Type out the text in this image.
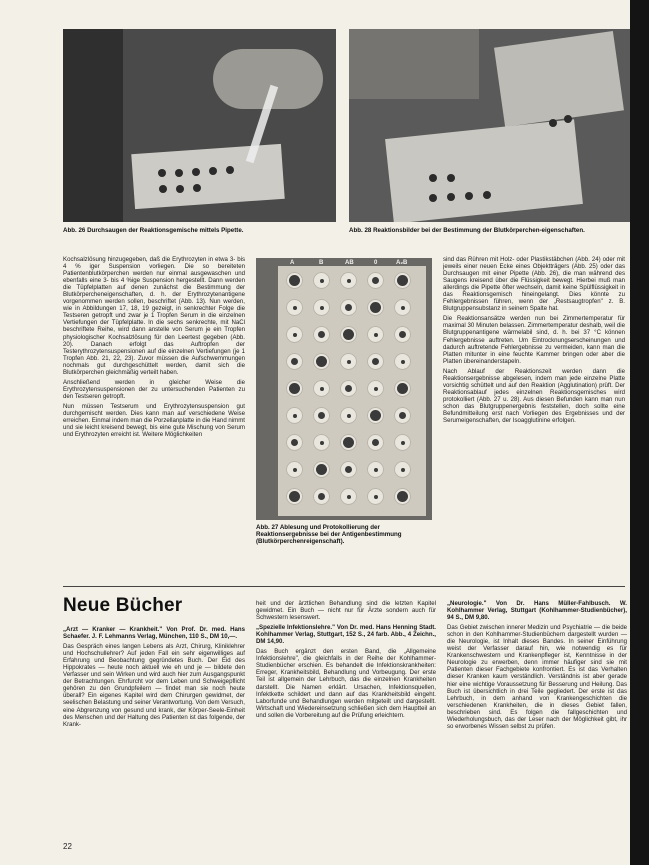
Abb. 26 Durchsaugen der Reaktionsgemische mittels Pipette.	Abb. 28 Reaktionsbilder bei der Bestimmung der Blutkörperchen-eigenschaften.

Kochsalzlösung hinzugegeben, daß die Erythrozyten in etwa 3- bis 4 % iger Suspension vorliegen. Die so bereiteten Patientenblutkörperchen werden nur einmal ausgewaschen und ebenfalls eine 3- bis 4 %ige Suspension hergestellt. Dann werden die Tüpfelplatten auf denen zunächst die Bestimmung der Blutkörpercheneigenschaften, d. h. der Erythrozytenantigene vorgenommen werden sollen, beschriftet (Abb. 13). Nun werden, wie in Abbildungen 17, 18, 19 gezeigt, in senkrechter Folge die Testseren getropft und zwar je 1 Tropfen Serum in die einzelnen Vertiefungen der Tüpfelplatte. In die sechs senkrechte, mit NaCl beschriftete Reihe, wird dann anstelle von Serum je ein Tropfen physiologischer Kochsalzlösung für den Leertest gegeben (Abb. 20). Danach erfolgt das Auftropfen der Testerythrozytensuspensionen auf die einzelnen Vertiefungen (je 1 Tropfen Abb. 21, 22, 23). Zuvor müssen die Aufschwemmungen nochmals gut durchgeschüttelt werden, damit sich die Blutkörperchen gleichmäßig verteilt haben.

Anschließend werden in gleicher Weise die Erythrozytensuspensionen der zu untersuchenden Patienten zu den Testseren getropft.

Nun müssen Testserum und Erythrozytensuspension gut durchgemischt werden. Dies kann man auf verschiedene Weise erreichen. Einmal indem man die Porzellanplatte in die Hand nimmt und sie leicht kreisend bewegt, bis eine gute Mischung von Serum und Erythrozyten erreicht ist. Weitere Möglichkeiten

A	B	AB	0	A₂B
Abb. 27 Ablesung und Protokollierung der Reaktionsergebnisse bei der Antigenbestimmung (Blutkörperchenreigenschaft).

sind das Rühren mit Holz- oder Plastikstäbchen (Abb. 24) oder mit jeweils einer neuen Ecke eines Objektträgers (Abb. 25) oder das Durchsaugen mit einer Pipette (Abb. 26), die man während des Saugens kreisend über die Flüssigkeit bewegt. Hierbei muß man allerdings die Pipette öfter wechseln, damit keine Spülflüssigkeit in das Reaktionsgemisch hineingelangt. Dies könnte zu Fehlergebnissen führen, wenn der „Restsaugtropfen" z. B. Blutgruppensubstanz in seinem Spalte hat.

Die Reaktionsansätze werden nun bei Zimmertemperatur für maximal 30 Minuten belassen. Zimmertemperatur deshalb, weil die Blutgruppenantigene wärmelabil sind, d. h. bei 37 °C können Fehlergebnisse auftreten. Um Eintrocknungserscheinungen und dadurch auftretende Fehlergebnisse zu vermeiden, kann man die Platten mitunter in eine feuchte Kammer bringen oder aber die Platten übereinanderstapeln.

Nach Ablauf der Reaktionszeit werden dann die Reaktionsergebnisse abgelesen, indem man jede einzelne Platte vorsichtig schüttelt und auf den Reaktion (Agglutination) prüft. Der Reaktionsablauf jedes einzelnen Reaktionsgemisches wird protokolliert (Abb. 27 u. 28). Aus diesen Befunden kann man nun schon das Blutgruppenergebnis feststellen, doch sollte eine Befundmitteilung erst nach Vorliegen des Ergebnisses und der Serumeigenschaften, der Isoagglutinine erfolgen.

Neue Bücher

„Arzt — Kranker — Krankheit." Von Prof. Dr. med. Hans Schaefer. J. F. Lehmanns Verlag, München, 110 S., DM 10,—.

Das Gespräch eines langen Lebens als Arzt, Chirurg, Kliniklehrer und Hochschullehrer? Auf jeden Fall ein sehr eigenwilliges auf Erfahrung und Beobachtung gegründetes Buch. Der Eid des Hippokrates — heute noch aktuell wie eh und je — bildete den Verfasser und sein Wirken und wird auch hier zum Ausgangspunkt der Betrachtungen. Ehrfurcht vor dem Leben und Schweigepflicht gehören zu den Grundpfeilern — findet man sie noch heute überall? Ein eigenes Kapitel wird dem Chirurgen gewidmet, der seelischen Belastung und seiner Verantwortung. Von dem Versuch, eine Abgrenzung von gesund und krank, der Körper-Seele-Einheit des Menschen und der Haltung des Patienten ist das folgende, der Krank-

heit und der ärztlichen Behandlung sind die letzten Kapitel gewidmet. Ein Buch — nicht nur für Ärzte sondern auch für Schwestern lesenswert.

„Spezielle Infektionslehre." Von Dr. med. Hans Henning Stadt. Kohlhammer Verlag, Stuttgart, 152 S., 24 farb. Abb., 4 Zeichn., DM 14,90.

Das Buch ergänzt den ersten Band, die „Allgemeine Infektionslehre", die gleichfalls in der Reihe der Kohlhammer-Studienbücher erschien. Es behandelt die Infektionskrankheiten: Erreger, Krankheitsbild, Behandlung und Vorbeugung. Der erste Teil ist allgemein der Lehrbuch, das die einzelnen Krankheiten darstellt. Die Namen erklärt. Ursachen, Infektionsquellen, Infektkette schildert und dann auf das Krankheitsbild eingeht. Laborfunde und Behandlungen werden mitgeteilt und dargestellt. Wirtschaft und Wiedereinsetzung schließen sich dem Hauptteil an und sollen die Vorbereitung auf die Prüfung erleichtern.

„Neurologie." Von Dr. Hans Müller-Fahlbusch. W. Kohlhammer Verlag, Stuttgart (Kohlhammer-Studienbücher), 94 S., DM 9,80.

Das Gebiet zwischen innerer Medizin und Psychiatrie — die beide schon in den Kohlhammer-Studienbüchern dargestellt wurden — die Neurologie, ist Inhalt dieses Bandes. In seiner Einführung weist der Verfasser darauf hin, wie notwendig es für Krankenschwestern und Krankenpfleger ist, Kenntnisse in der Neurologie zu erwerben, denn immer häufiger sind sie mit Patienten dieser Fachgebiete konfrontiert. Es ist das Verhalten dieser Kranken kaum verständlich. Verständnis ist aber gerade hier eine wichtige Voraussetzung für Besserung und Heilung. Das Buch ist übersichtlich in drei Teile gegliedert. Der erste ist das Lehrbuch, in dem anhand von Krankengeschichten die verschiedenen Krankheiten, die in dieses Gebiet fallen, beschrieben sind. Es folgen die fallgeschichten und Wiederholungsbuch, das der Leser nach der Möglichkeit gibt, ihr so erworbenes Wissen selbst zu prüfen.

22
